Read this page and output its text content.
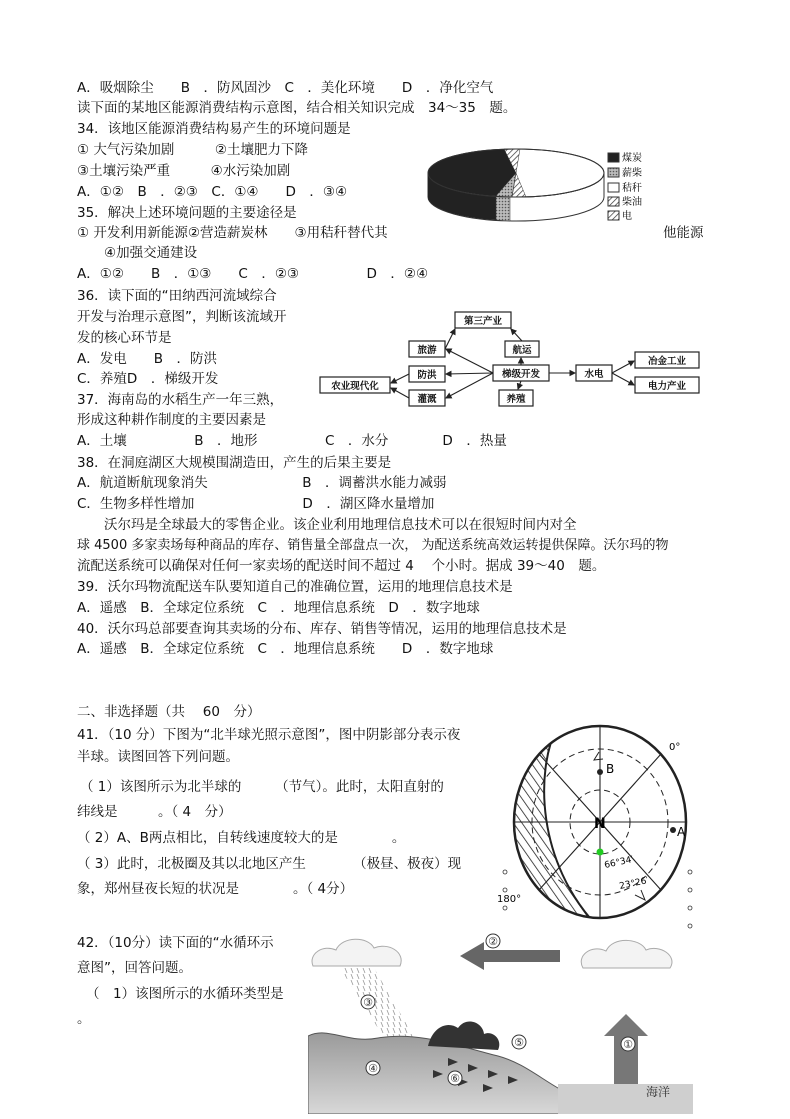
A．吸烟除尘　　B　．防风固沙　C　．美化环境　　D　．净化空气
读下面的某地区能源消费结构示意图，结合相关知识完成　34～35　题。
34．该地区能源消费结构易产生的环境问题是
① 大气污染加剧　　　②土壤肥力下降
③土壤污染严重　　　④水污染加剧
A．①②　B　．②③　C．①④　　D　．③④
35．解决上述环境问题的主要途径是
① 开发利用新能源②营造薪炭林　　③用秸秆替代其	他能源
④加强交通建设
A．①②　　B　．①③　　C　．②③　　　　　D　．②④
36．读下面的“田纳西河流域综合
开发与治理示意图”，判断该流域开
发的核心环节是
A．发电　　B　．防洪
C．养殖D　．梯级开发
37．海南岛的水稻生产一年三熟，
形成这种耕作制度的主要因素是
A．土壤　　　　　B　．地形　　　　　C　．水分　　　　D　．热量
38．在洞庭湖区大规模围湖造田，产生的后果主要是
A．航道断航现象消失　　　　　　　B　．调蓄洪水能力减弱
C．生物多样性增加　　　　　　　　D　．湖区降水量增加
沃尔玛是全球最大的零售企业。该企业利用地理信息技术可以在很短时间内对全
球 4500 多家卖场每种商品的库存、销售量全部盘点一次， 为配送系统高效运转提供保障。沃尔玛的物
流配送系统可以确保对任何一家卖场的配送时间不超过 4　 个小时。据成 39～40　题。
39．沃尔玛物流配送车队要知道自己的准确位置，运用的地理信息技术是
A．遥感　B．全球定位系统　C　．地理信息系统　D　．数字地球
40．沃尔玛总部要查询其卖场的分布、库存、销售等情况，运用的地理信息技术是
A．遥感　B．全球定位系统　C　．地理信息系统　　D　．数字地球
二、非选择题（共　 60　分）
41．（10 分）下图为“北半球光照示意图”，图中阴影部分表示夜
半球。读图回答下列问题。
（ 1）该图所示为北半球的　　　（节气）。此时，太阳直射的
纬线是　　　。（ 4　分）
（ 2）A、B两点相比，自转线速度较大的是　　　　。
（ 3）此时，北极圈及其以北地区产生　　　　（极昼、极夜）现
象，郑州昼夜长短的状况是　　　　。（ 4分）
42．（10分）读下面的“水循环示
意图”，回答问题。
（　1）该图所示的水循环类型是
。
煤炭
薪柴
秸秆
柴油
电
第三产业
旅游	航运
防洪	梯级开发	水电
冶金工业
电力产业
农业现代化
灌溉	养殖
B
A
N
66°34′
23°26′
0°
180°
①
②
③
④
⑤
⑥
海洋
